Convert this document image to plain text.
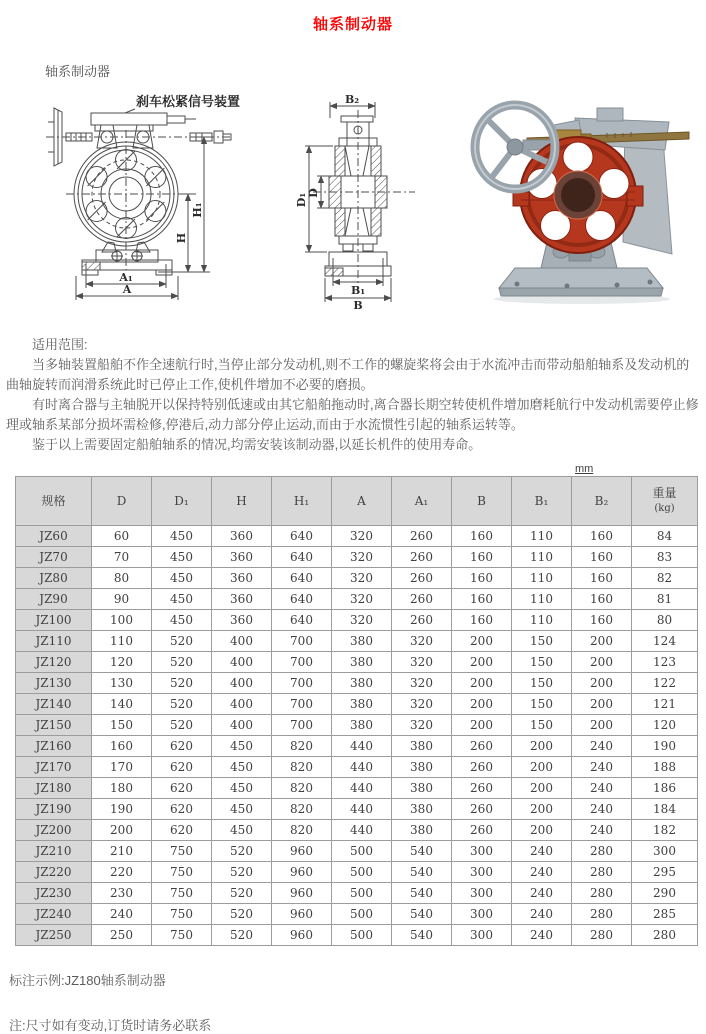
轴系制动器
轴系制动器
刹车松紧信号装置
H
H₁
A₁
A
B₂
D₁ D
B₁
B

适用范围:

当多轴装置船舶不作全速航行时,当停止部分发动机,则不工作的螺旋桨将会由于水流冲击而带动船舶轴系及发动机的曲轴旋转而润滑系统此时已停止工作,使机件增加不必要的磨损。

有时离合器与主轴脱开以保持特别低速或由其它船舶拖动时,离合器长期空转使机件增加磨耗航行中发动机需要停止修理或轴系某部分损坏需检修,停港后,动力部分停止运动,而由于水流惯性引起的轴系运转等。

鉴于以上需要固定船舶轴系的情况,均需安装该制动器,以延长机件的使用寿命。

mm
规格	D	D₁	H	H₁	A	A₁	B	B₁	B₂	重量
(kg)

JZ60	60	450	360	640	320	260	160	110	160	84
JZ70	70	450	360	640	320	260	160	110	160	83
JZ80	80	450	360	640	320	260	160	110	160	82
JZ90	90	450	360	640	320	260	160	110	160	81
JZ100	100	450	360	640	320	260	160	110	160	80
JZ110	110	520	400	700	380	320	200	150	200	124
JZ120	120	520	400	700	380	320	200	150	200	123
JZ130	130	520	400	700	380	320	200	150	200	122
JZ140	140	520	400	700	380	320	200	150	200	121
JZ150	150	520	400	700	380	320	200	150	200	120
JZ160	160	620	450	820	440	380	260	200	240	190
JZ170	170	620	450	820	440	380	260	200	240	188
JZ180	180	620	450	820	440	380	260	200	240	186
JZ190	190	620	450	820	440	380	260	200	240	184
JZ200	200	620	450	820	440	380	260	200	240	182
JZ210	210	750	520	960	500	540	300	240	280	300
JZ220	220	750	520	960	500	540	300	240	280	295
JZ230	230	750	520	960	500	540	300	240	280	290
JZ240	240	750	520	960	500	540	300	240	280	285
JZ250	250	750	520	960	500	540	300	240	280	280

标注示例:JZ180轴系制动器

注:尺寸如有变动,订货时请务必联系
